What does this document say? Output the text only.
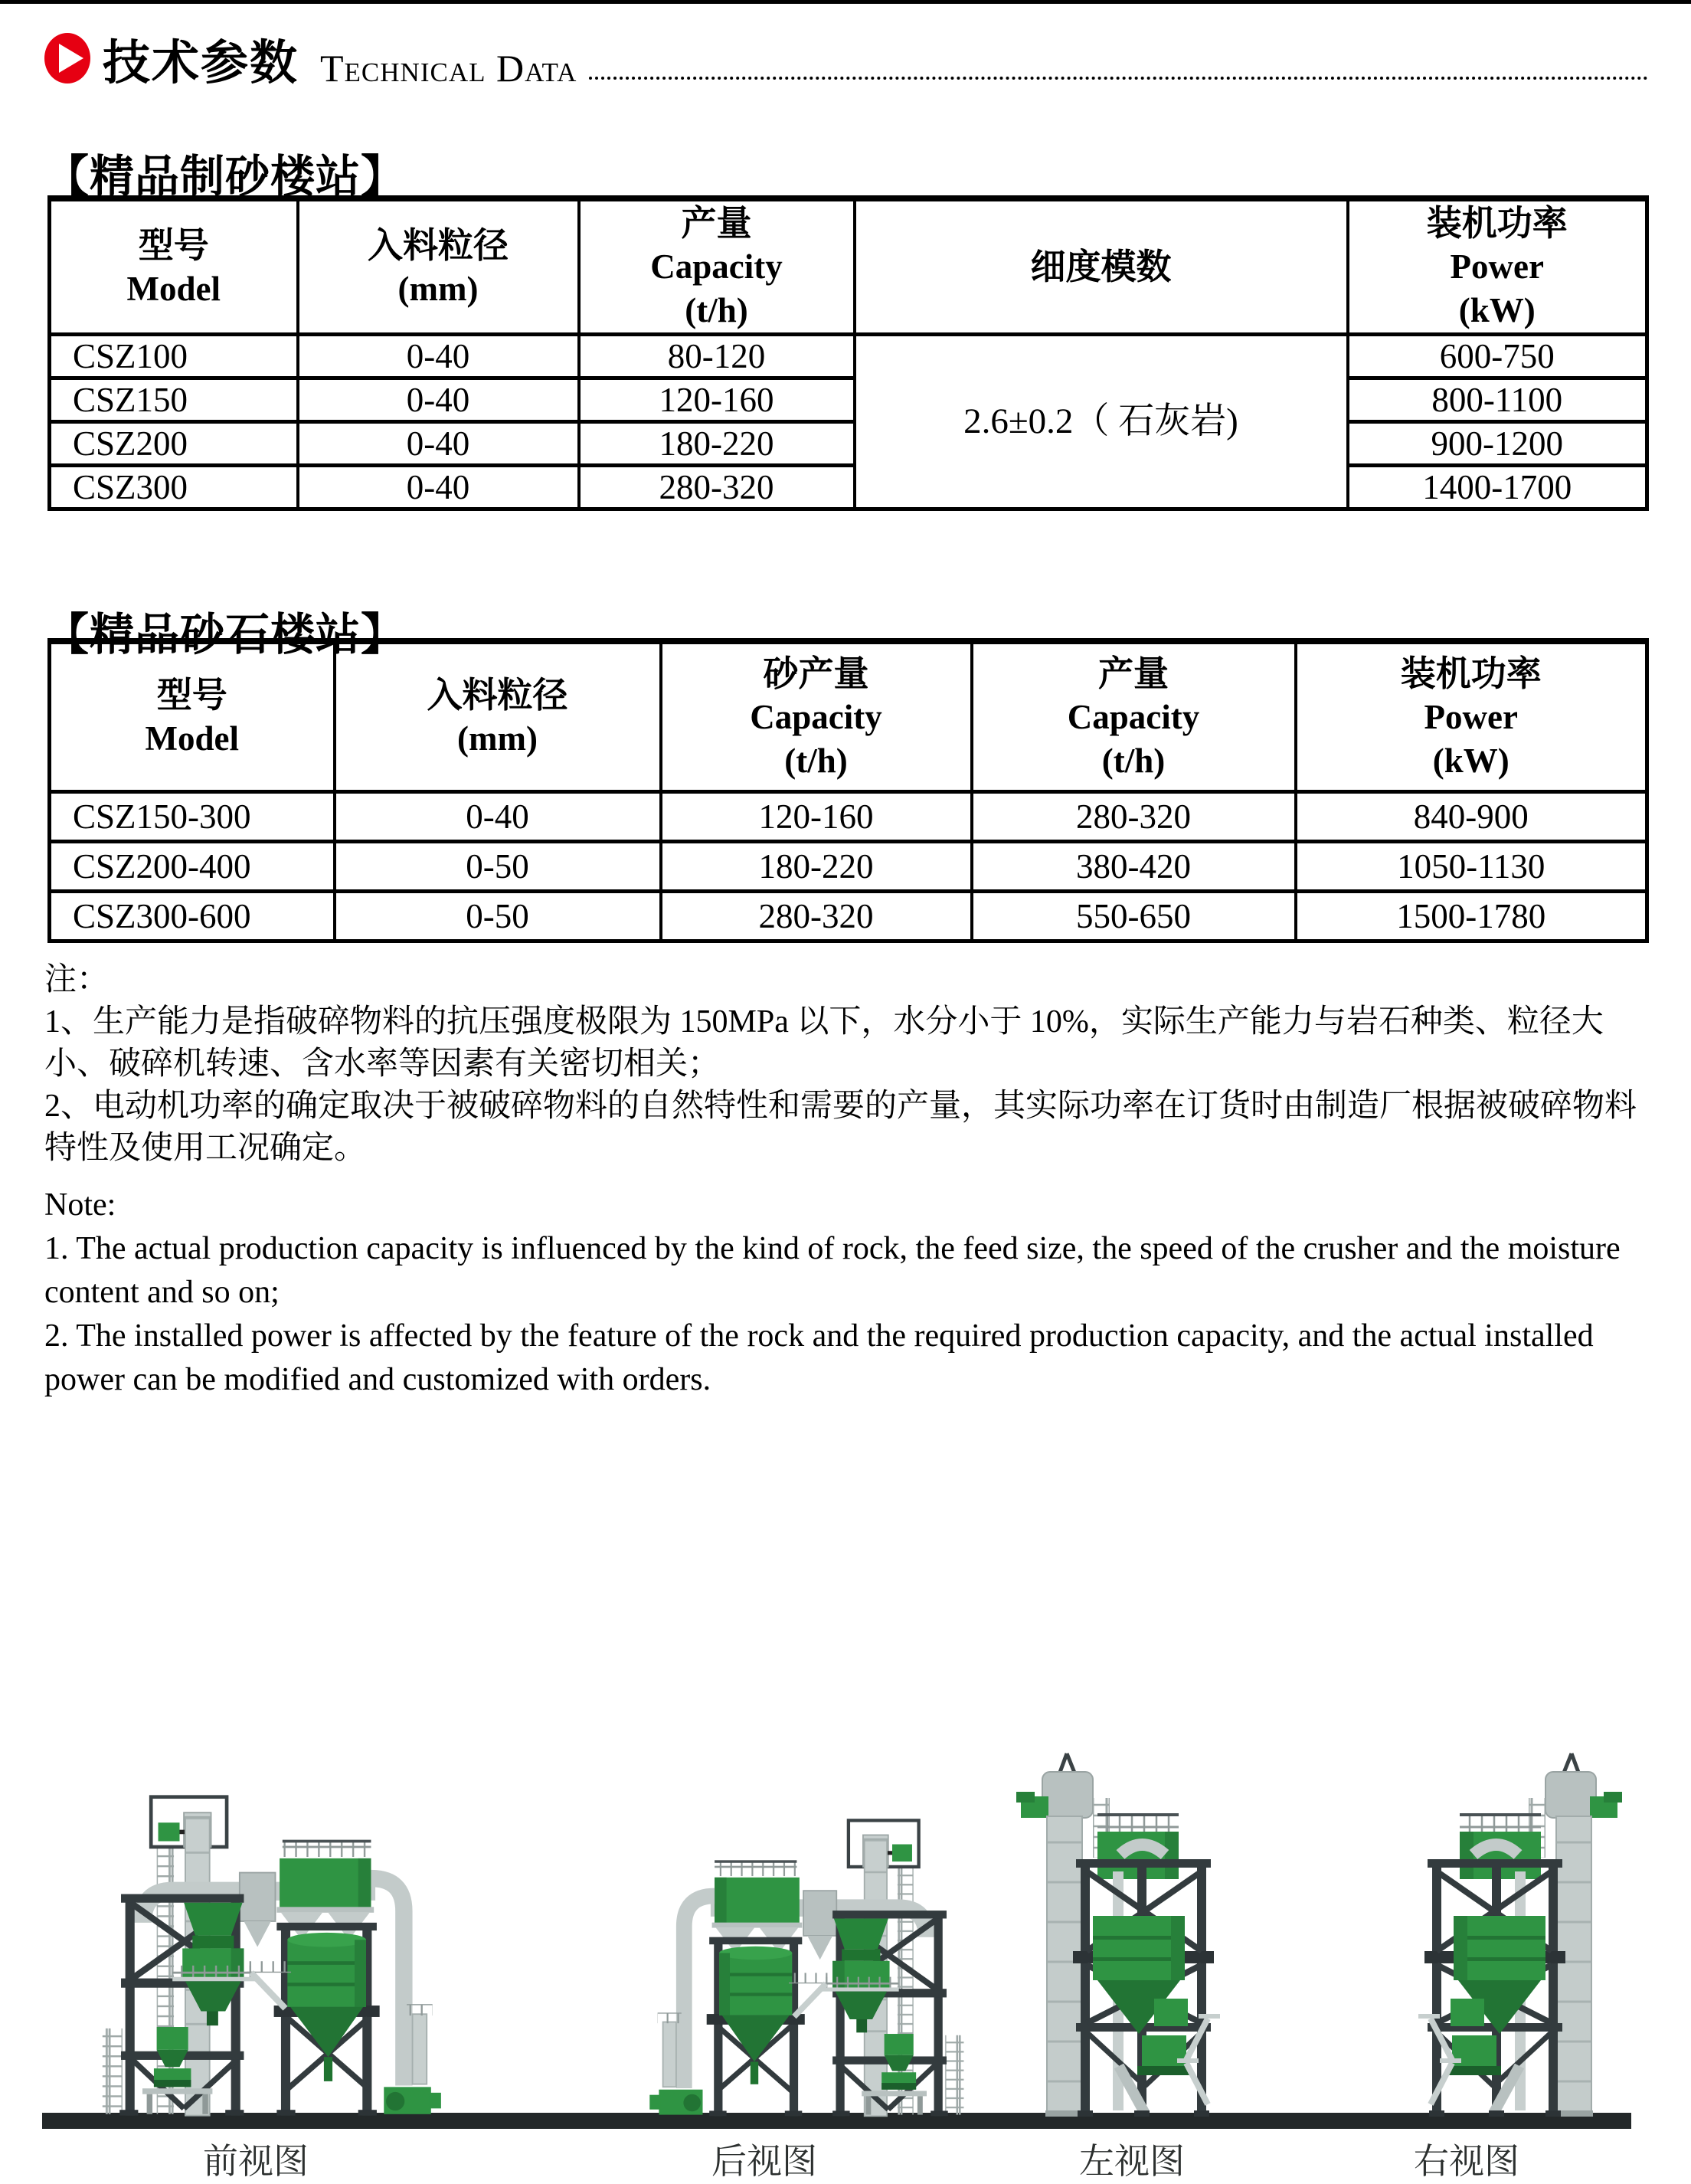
技术参数 Technical Data
【精品制砂楼站】
型号
Model	入料粒径
(mm)	产量
Capacity
(t/h)	细度模数	装机功率
Power
(kW)

CSZ100	0-40	80-120	2.6±0.2（ 石灰岩)	600-750
CSZ150	0-40	120-160		800-1100
CSZ200	0-40	180-220		900-1200
CSZ300	0-40	280-320		1400-1700
【精品砂石楼站】
型号
Model	入料粒径
(mm)	砂产量
Capacity
(t/h)	产量
Capacity
(t/h)	装机功率
Power
(kW)

CSZ150-300	0-40	120-160	280-320	840-900
CSZ200-400	0-50	180-220	380-420	1050-1130
CSZ300-600	0-50	280-320	550-650	1500-1780

注：

1、生产能力是指破碎物料的抗压强度极限为 150MPa 以下，水分小于 10%，实际生产能力与岩石种类、粒径大小、破碎机转速、含水率等因素有关密切相关；

2、电动机功率的确定取决于被破碎物料的自然特性和需要的产量，其实际功率在订货时由制造厂根据被破碎物料特性及使用工况确定。

Note:

1. The actual production capacity is influenced by the kind of rock, the feed size, the speed of the crusher and the moisture content and so on;

2. The installed power is affected by the feature of the rock and the required production capacity, and the actual installed power can be modified and customized with orders.

前视图	后视图	左视图	右视图
